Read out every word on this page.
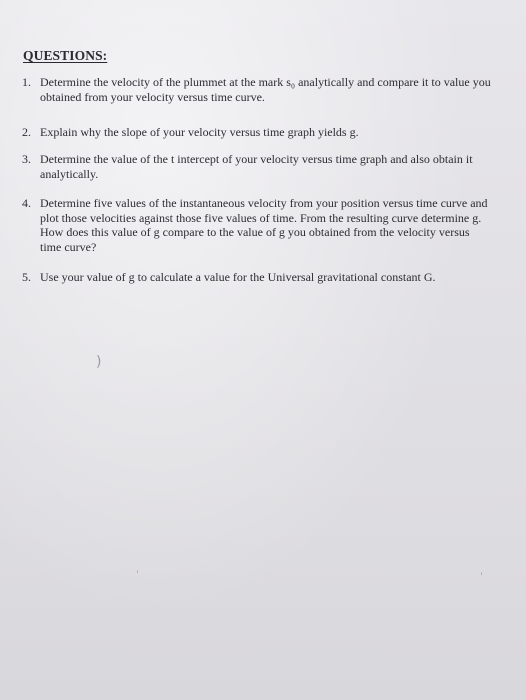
QUESTIONS:
1. Determine the velocity of the plummet at the mark s₀ analytically and compare it to value you obtained from your velocity versus time curve.
2. Explain why the slope of your velocity versus time graph yields g.
3. Determine the value of the t intercept of your velocity versus time graph and also obtain it analytically.
4. Determine five values of the instantaneous velocity from your position versus time curve and plot those velocities against those five values of time. From the resulting curve determine g. How does this value of g compare to the value of g you obtained from the velocity versus time curve?
5. Use your value of g to calculate a value for the Universal gravitational constant G.
)
ˈ	ˈ
